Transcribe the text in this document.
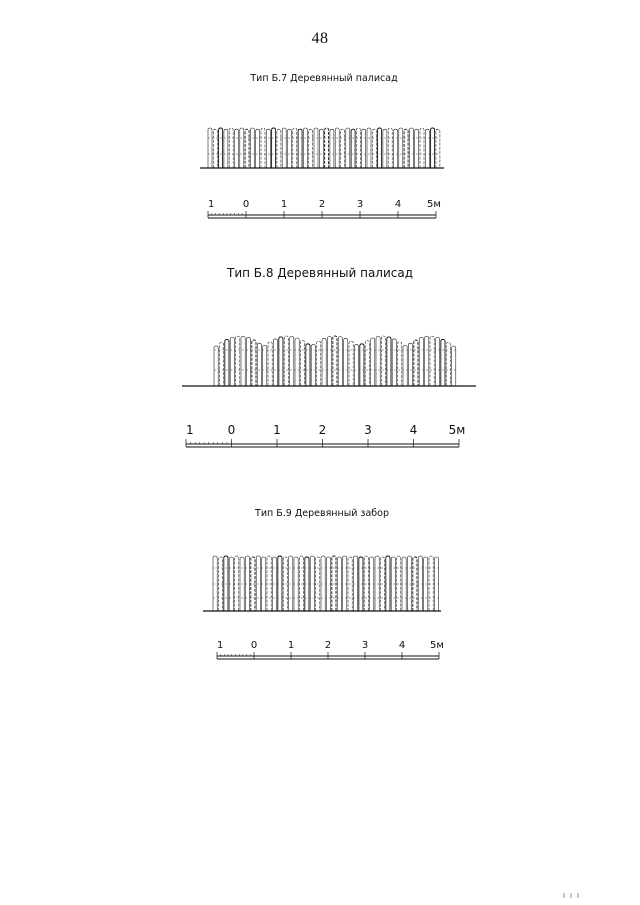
48
Тип Б.7 Деревянный палисад
1	0	1	2	3	4	5м
Тип Б.8 Деревянный палисад
1	0	1	2	3	4	5м
Тип Б.9 Деревянный забор
1	0	1	2	3	4 5м
